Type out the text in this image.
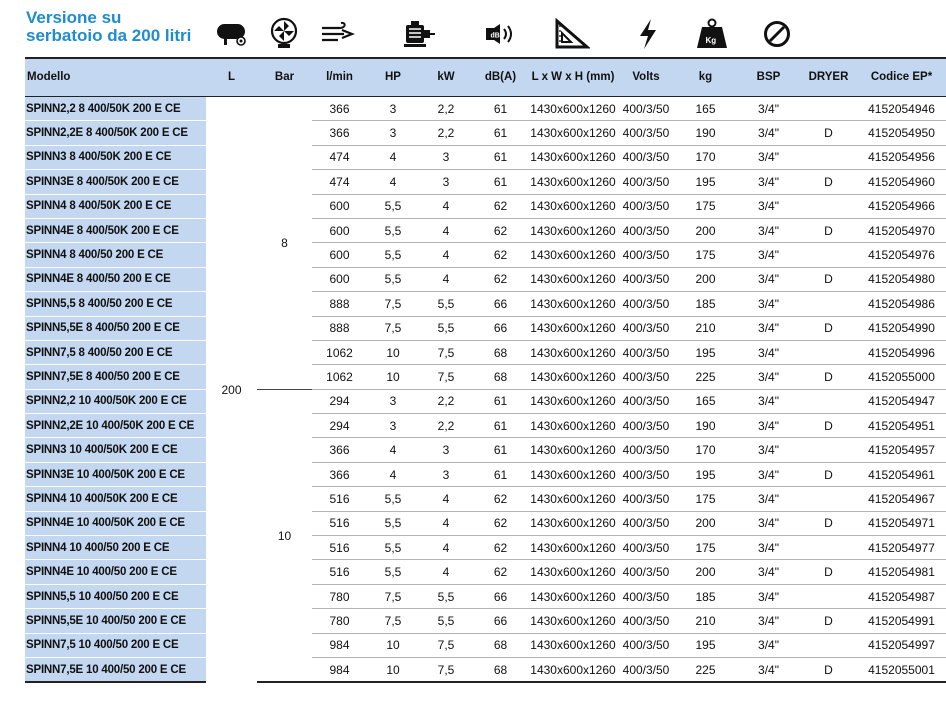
Versione su
serbatoio da 200 litri	dB	Kg
Modello	L	Bar	l/min	HP	kW	dB(A)	L x W x H (mm)	Volts	kg	BSP	DRYER	Codice EP*
SPINN2,2 8 400/50K 200 E CE	200	8	366	3	2,2	61	1430x600x1260	400/3/50	165	3/4"		4152054946
SPINN2,2E 8 400/50K 200 E CE			366	3	2,2	61	1430x600x1260	400/3/50	190	3/4"	D	4152054950
SPINN3 8 400/50K 200 E CE			474	4	3	61	1430x600x1260	400/3/50	170	3/4"		4152054956
SPINN3E 8 400/50K 200 E CE			474	4	3	61	1430x600x1260	400/3/50	195	3/4"	D	4152054960
SPINN4 8 400/50K 200 E CE			600	5,5	4	62	1430x600x1260	400/3/50	175	3/4"		4152054966
SPINN4E 8 400/50K 200 E CE			600	5,5	4	62	1430x600x1260	400/3/50	200	3/4"	D	4152054970
SPINN4 8 400/50 200 E CE			600	5,5	4	62	1430x600x1260	400/3/50	175	3/4"		4152054976
SPINN4E 8 400/50 200 E CE			600	5,5	4	62	1430x600x1260	400/3/50	200	3/4"	D	4152054980
SPINN5,5 8 400/50 200 E CE			888	7,5	5,5	66	1430x600x1260	400/3/50	185	3/4"		4152054986
SPINN5,5E 8 400/50 200 E CE			888	7,5	5,5	66	1430x600x1260	400/3/50	210	3/4"	D	4152054990
SPINN7,5 8 400/50 200 E CE			1062	10	7,5	68	1430x600x1260	400/3/50	195	3/4"		4152054996
SPINN7,5E 8 400/50 200 E CE			1062	10	7,5	68	1430x600x1260	400/3/50	225	3/4"	D	4152055000
SPINN2,2 10 400/50K 200 E CE		10	294	3	2,2	61	1430x600x1260	400/3/50	165	3/4"		4152054947
SPINN2,2E 10 400/50K 200 E CE			294	3	2,2	61	1430x600x1260	400/3/50	190	3/4"	D	4152054951
SPINN3 10 400/50K 200 E CE			366	4	3	61	1430x600x1260	400/3/50	170	3/4"		4152054957
SPINN3E 10 400/50K 200 E CE			366	4	3	61	1430x600x1260	400/3/50	195	3/4"	D	4152054961
SPINN4 10 400/50K 200 E CE			516	5,5	4	62	1430x600x1260	400/3/50	175	3/4"		4152054967
SPINN4E 10 400/50K 200 E CE			516	5,5	4	62	1430x600x1260	400/3/50	200	3/4"	D	4152054971
SPINN4 10 400/50 200 E CE			516	5,5	4	62	1430x600x1260	400/3/50	175	3/4"		4152054977
SPINN4E 10 400/50 200 E CE			516	5,5	4	62	1430x600x1260	400/3/50	200	3/4"	D	4152054981
SPINN5,5 10 400/50 200 E CE			780	7,5	5,5	66	1430x600x1260	400/3/50	185	3/4"		4152054987
SPINN5,5E 10 400/50 200 E CE			780	7,5	5,5	66	1430x600x1260	400/3/50	210	3/4"	D	4152054991
SPINN7,5 10 400/50 200 E CE			984	10	7,5	68	1430x600x1260	400/3/50	195	3/4"		4152054997
SPINN7,5E 10 400/50 200 E CE			984	10	7,5	68	1430x600x1260	400/3/50	225	3/4"	D	4152055001
